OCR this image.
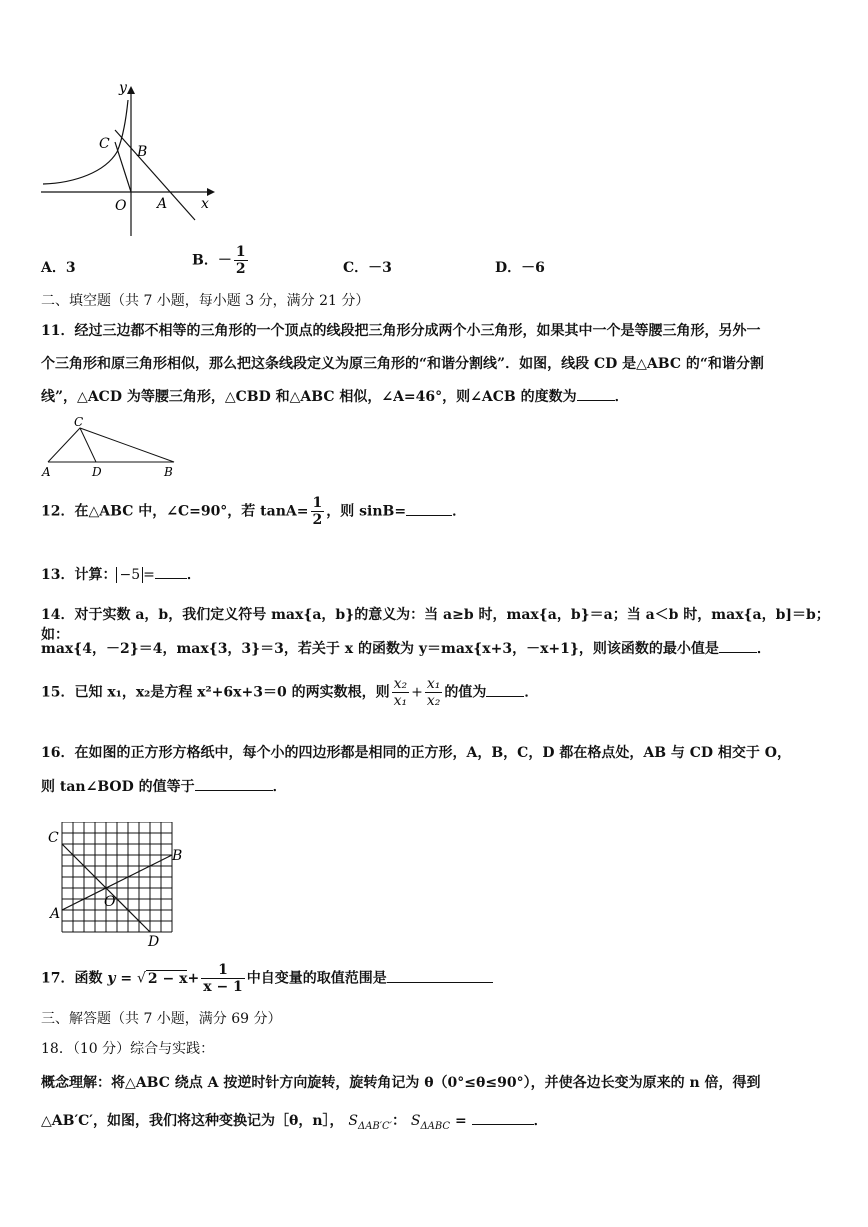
y
x
O A
B
C
A．3	B．－ $\frac{1}{2}$	C．－3	D．－6
二、填空题（共 7 小题，每小题 3 分，满分 21 分）
11．经过三边都不相等的三角形的一个顶点的线段把三角形分成两个小三角形，如果其中一个是等腰三角形，另外一
个三角形和原三角形相似，那么把这条线段定义为原三角形的“和谐分割线”．如图，线段 CD 是△ABC 的“和谐分割
线”，△ACD 为等腰三角形，△CBD 和△ABC 相似，∠A=46°，则∠ACB 的度数为	．
C
A	D	B
12．在△ABC 中，∠C=90°，若 $\tan A= \frac{1}{2}$ ，则 sinB=	．
13．计算： −5 = ．
14．对于实数 a，b，我们定义符号 max{a，b}的意义为：当 a≥b 时，max{a，b}＝a；当 a＜b 时，max{a，b]＝b；如：
max{4，－2}＝4，max{3，3}＝3，若关于 x 的函数为 y＝max{x+3，－x+1}，则该函数的最小值是	．
15．已知 x₁，x₂是方程 x²+6x+3＝0 的两实数根，则 $\frac{\text{x₂}}{\text{x₁}} + \frac{\text{x₁}}{\text{x₂}}$ 的值为	．
16．在如图的正方形方格纸中，每个小的四边形都是相同的正方形，A，B，C，D 都在格点处，AB 与 CD 相交于 O，
则 tan∠BOD 的值等于	．
C
B
A
O
D
17．函数 y = √ $2 - x+ \frac{1}{x - 1}$ 中自变量的取值范围是
三、解答题（共 7 小题，满分 69 分）
18．（10 分）综合与实践：
概念理解：将△ABC 绕点 A 按逆时针方向旋转，旋转角记为 θ（0°≤θ≤90°），并使各边长变为原来的 n 倍，得到
△AB′C′，如图，我们将这种变换记为［θ，n］， $S_{\Delta AB'C'}$： $S_{\Delta ABC}$ =	．
